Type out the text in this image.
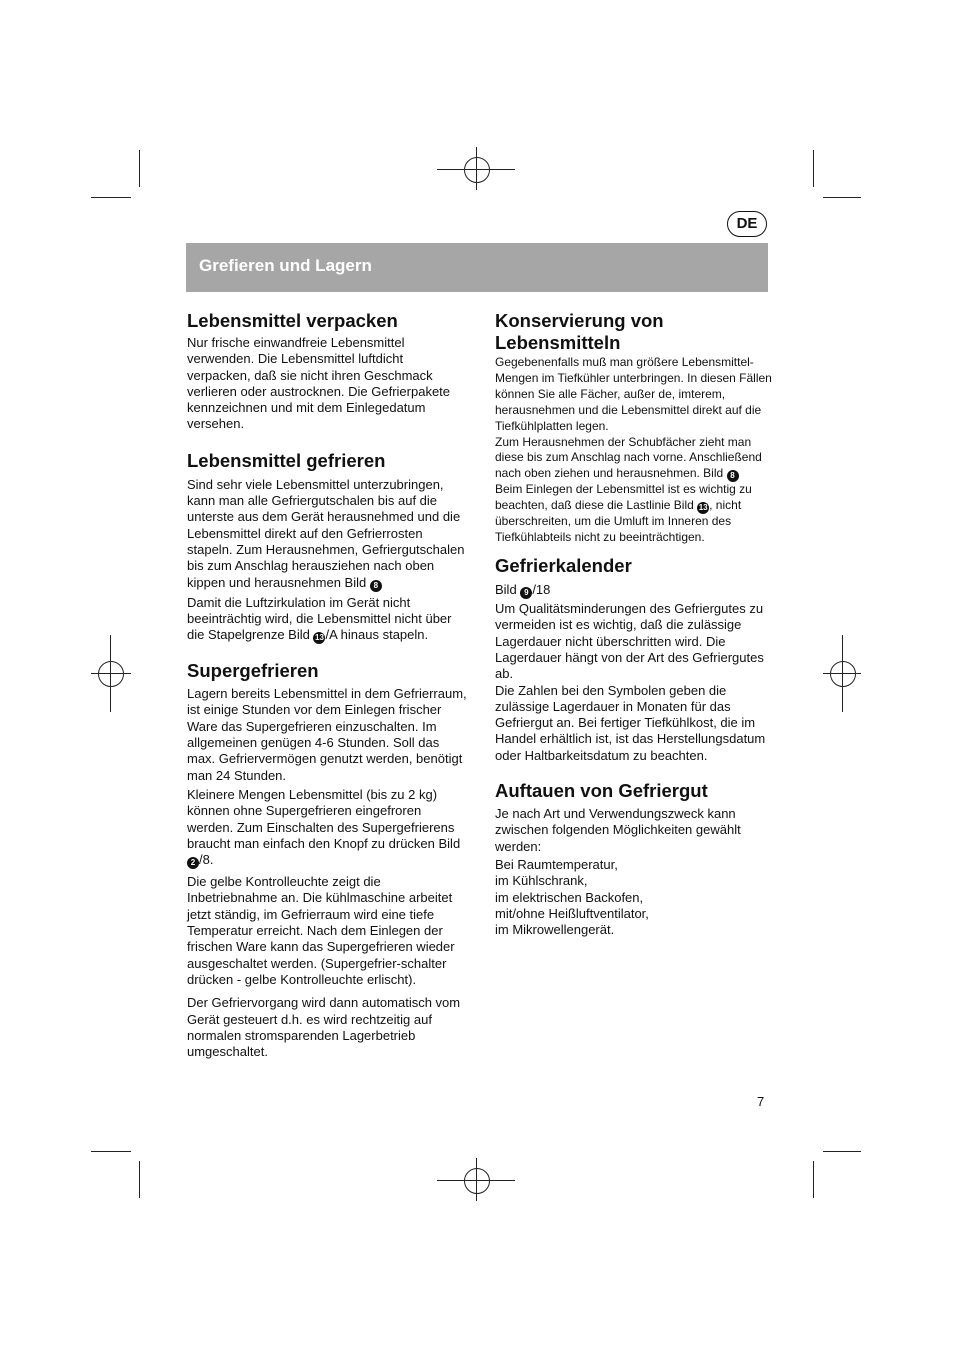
DE
Grefieren und Lagern
Lebensmittel verpacken

Nur frische einwandfreie Lebensmittel verwenden. Die Lebensmittel luftdicht verpacken, daß sie nicht ihren Geschmack verlieren oder austrocknen. Die Gefrierpakete kennzeichnen und mit dem Einlegedatum versehen.

Lebensmittel gefrieren

Sind sehr viele Lebensmittel unterzubringen, kann man alle Gefriergutschalen bis auf die unterste aus dem Gerät herausnehmed und die Lebensmittel direkt auf den Gefrierrosten stapeln. Zum Herausnehmen, Gefriergutschalen bis zum Anschlag herausziehen nach oben kippen und herausnehmen Bild 8

Damit die Luftzirkulation im Gerät nicht beeinträchtig wird, die Lebensmittel nicht über die Stapelgrenze Bild 13 /A hinaus stapeln.

Supergefrieren

Lagern bereits Lebensmittel in dem Gefrierraum, ist einige Stunden vor dem Einlegen frischer Ware das Supergefrieren einzuschalten. Im allgemeinen genügen 4-6 Stunden. Soll das max. Gefriervermögen genutzt werden, benötigt man 24 Stunden.

Kleinere Mengen Lebensmittel (bis zu 2 kg) können ohne Supergefrieren eingefroren werden. Zum Einschalten des Supergefrierens braucht man einfach den Knopf zu drücken Bild 2 /8.

Die gelbe Kontrolleuchte zeigt die Inbetriebnahme an. Die kühlmaschine arbeitet jetzt ständig, im Gefrierraum wird eine tiefe Temperatur erreicht. Nach dem Einlegen der frischen Ware kann das Supergefrieren wieder ausgeschaltet werden. (Supergefrier-schalter drücken - gelbe Kontrolleuchte erlischt).

Der Gefriervorgang wird dann automatisch vom Gerät gesteuert d.h. es wird rechtzeitig auf normalen stromsparenden Lagerbetrieb umgeschaltet.

Konservierung von Lebensmitteln

Gegebenenfalls muß man größere Lebensmittel-Mengen im Tiefkühler unterbringen. In diesen Fällen können Sie alle Fächer, außer de, imterem, herausnehmen und die Lebensmittel direkt auf die Tiefkühlplatten legen.

Zum Herausnehmen der Schubfächer zieht man diese bis zum Anschlag nach vorne. Anschließend nach oben ziehen und herausnehmen. Bild 8

Beim Einlegen der Lebensmittel ist es wichtig zu beachten, daß diese die Lastlinie Bild 13 , nicht überschreiten, um die Umluft im Inneren des Tiefkühlabteils nicht zu beeinträchtigen.

Gefrierkalender

Bild 9 /18

Um Qualitätsminderungen des Gefriergutes zu vermeiden ist es wichtig, daß die zulässige Lagerdauer nicht überschritten wird. Die Lagerdauer hängt von der Art des Gefriergutes ab.

Die Zahlen bei den Symbolen geben die zulässige Lagerdauer in Monaten für das Gefriergut an. Bei fertiger Tiefkühlkost, die im Handel erhältlich ist, ist das Herstellungsdatum oder Haltbarkeitsdatum zu beachten.

Auftauen von Gefriergut

Je nach Art und Verwendungszweck kann zwischen folgenden Möglichkeiten gewählt werden:

Bei Raumtemperatur,

im Kühlschrank,

im elektrischen Backofen,

mit/ohne Heißluftventilator,

im Mikrowellengerät.

7
